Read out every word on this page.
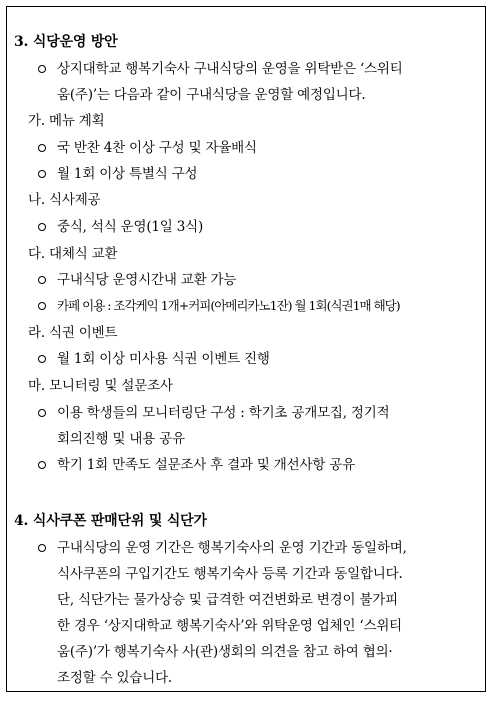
3. 식당운영 방안
상지대학교 행복기숙사 구내식당의 운영을 위탁받은 ‘스위티
움(주)’는 다음과 같이 구내식당을 운영할 예정입니다.
가. 메뉴 계획
국 반찬 4찬 이상 구성 및 자율배식
월 1회 이상 특별식 구성
나. 식사제공
중식, 석식 운영(1일 3식)
다. 대체식 교환
구내식당 운영시간내 교환 가능
카페 이용 : 조각케익 1개+커피(아메리카노1잔) 월 1회(식권1매 해당)
라. 식권 이벤트
월 1회 이상 미사용 식권 이벤트 진행
마. 모니터링 및 설문조사
이용 학생들의 모니터링단 구성 : 학기초 공개모집, 정기적
회의진행 및 내용 공유
학기 1회 만족도 설문조사 후 결과 및 개선사항 공유
4. 식사쿠폰 판매단위 및 식단가
구내식당의 운영 기간은 행복기숙사의 운영 기간과 동일하며,
식사쿠폰의 구입기간도 행복기숙사 등록 기간과 동일합니다.
단, 식단가는 물가상승 및 급격한 여건변화로 변경이 불가피
한 경우 ‘상지대학교 행복기숙사’와 위탁운영 업체인 ‘스위티
움(주)’가 행복기숙사 사(관)생회의 의견을 참고 하여 협의·
조정할 수 있습니다.
